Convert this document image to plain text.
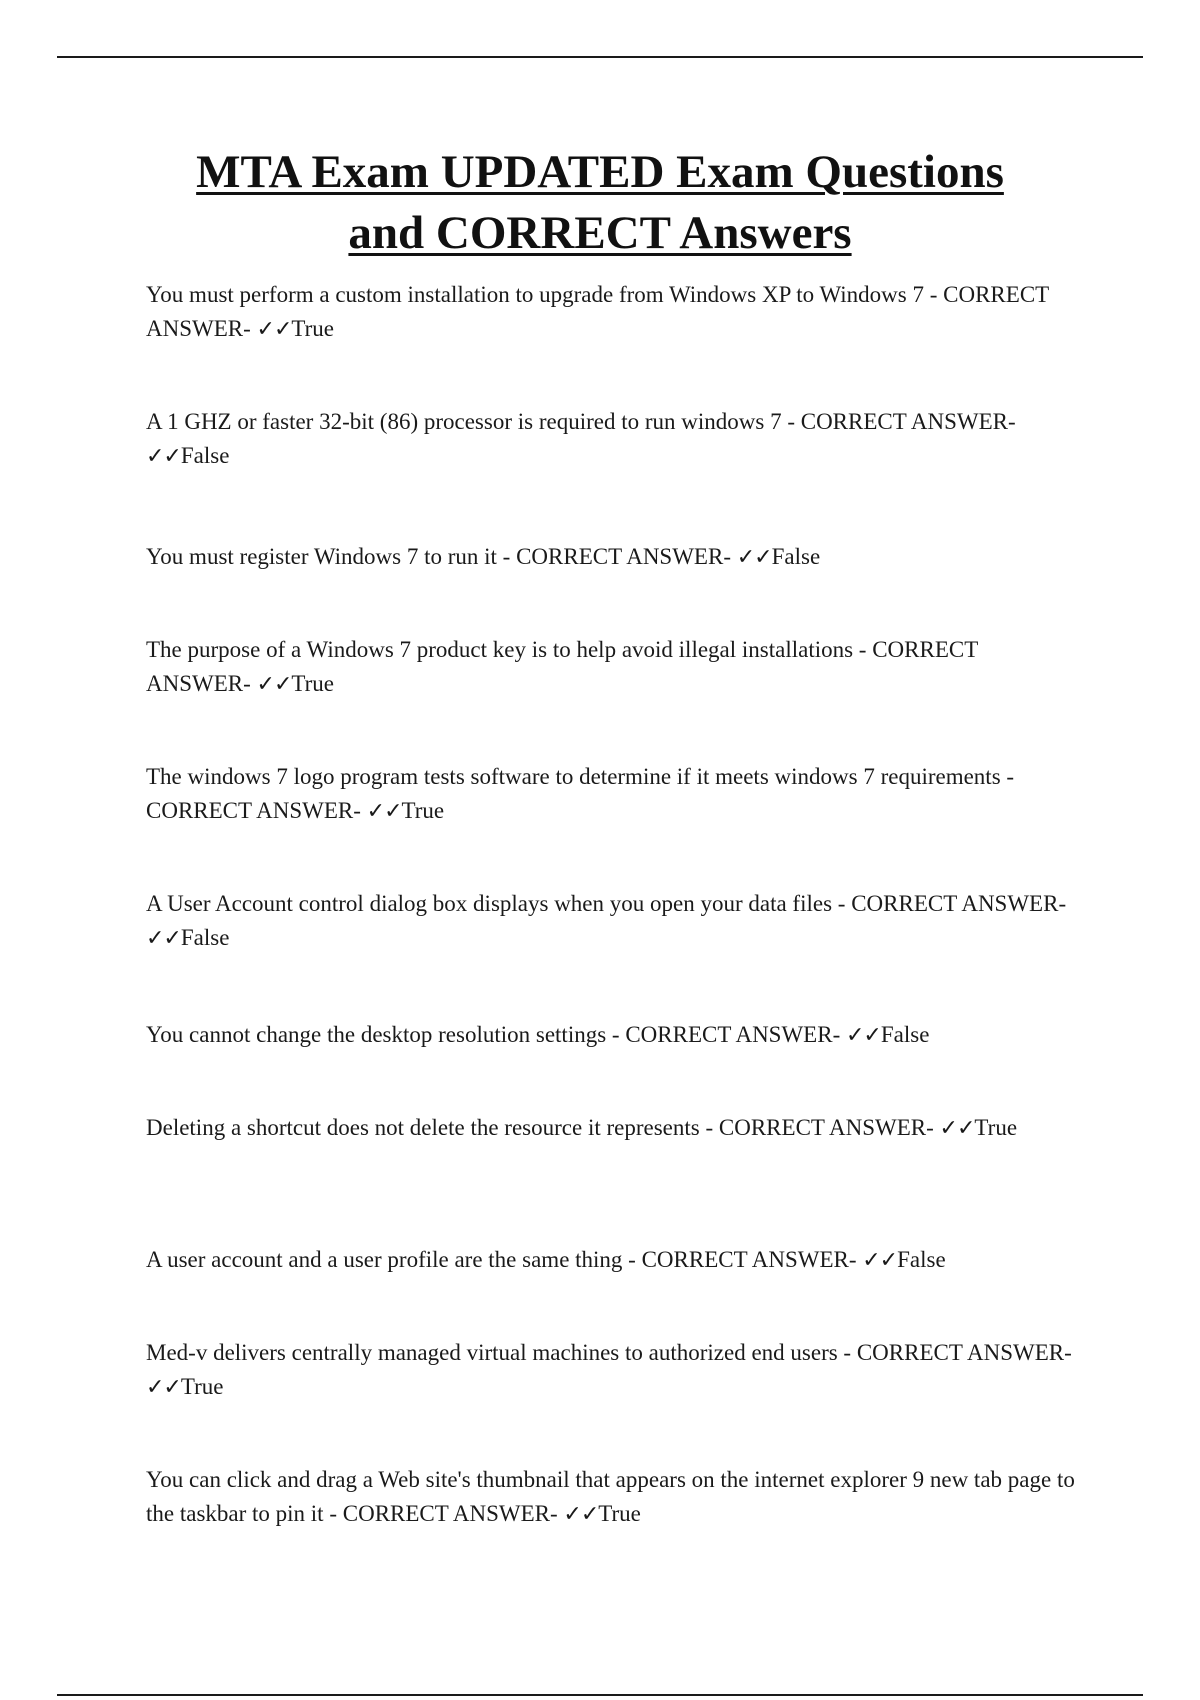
MTA Exam UPDATED Exam Questions
and CORRECT Answers
You must perform a custom installation to upgrade from Windows XP to Windows 7 - CORRECT ANSWER- ✓✓True
A 1 GHZ or faster 32-bit (86) processor is required to run windows 7 - CORRECT ANSWER- ✓✓False
You must register Windows 7 to run it - CORRECT ANSWER- ✓✓False
The purpose of a Windows 7 product key is to help avoid illegal installations - CORRECT ANSWER- ✓✓True
The windows 7 logo program tests software to determine if it meets windows 7 requirements - CORRECT ANSWER- ✓✓True
A User Account control dialog box displays when you open your data files - CORRECT ANSWER- ✓✓False
You cannot change the desktop resolution settings - CORRECT ANSWER- ✓✓False
Deleting a shortcut does not delete the resource it represents - CORRECT ANSWER- ✓✓True
A user account and a user profile are the same thing - CORRECT ANSWER- ✓✓False
Med-v delivers centrally managed virtual machines to authorized end users - CORRECT ANSWER- ✓✓True
You can click and drag a Web site's thumbnail that appears on the internet explorer 9 new tab page to the taskbar to pin it - CORRECT ANSWER- ✓✓True
